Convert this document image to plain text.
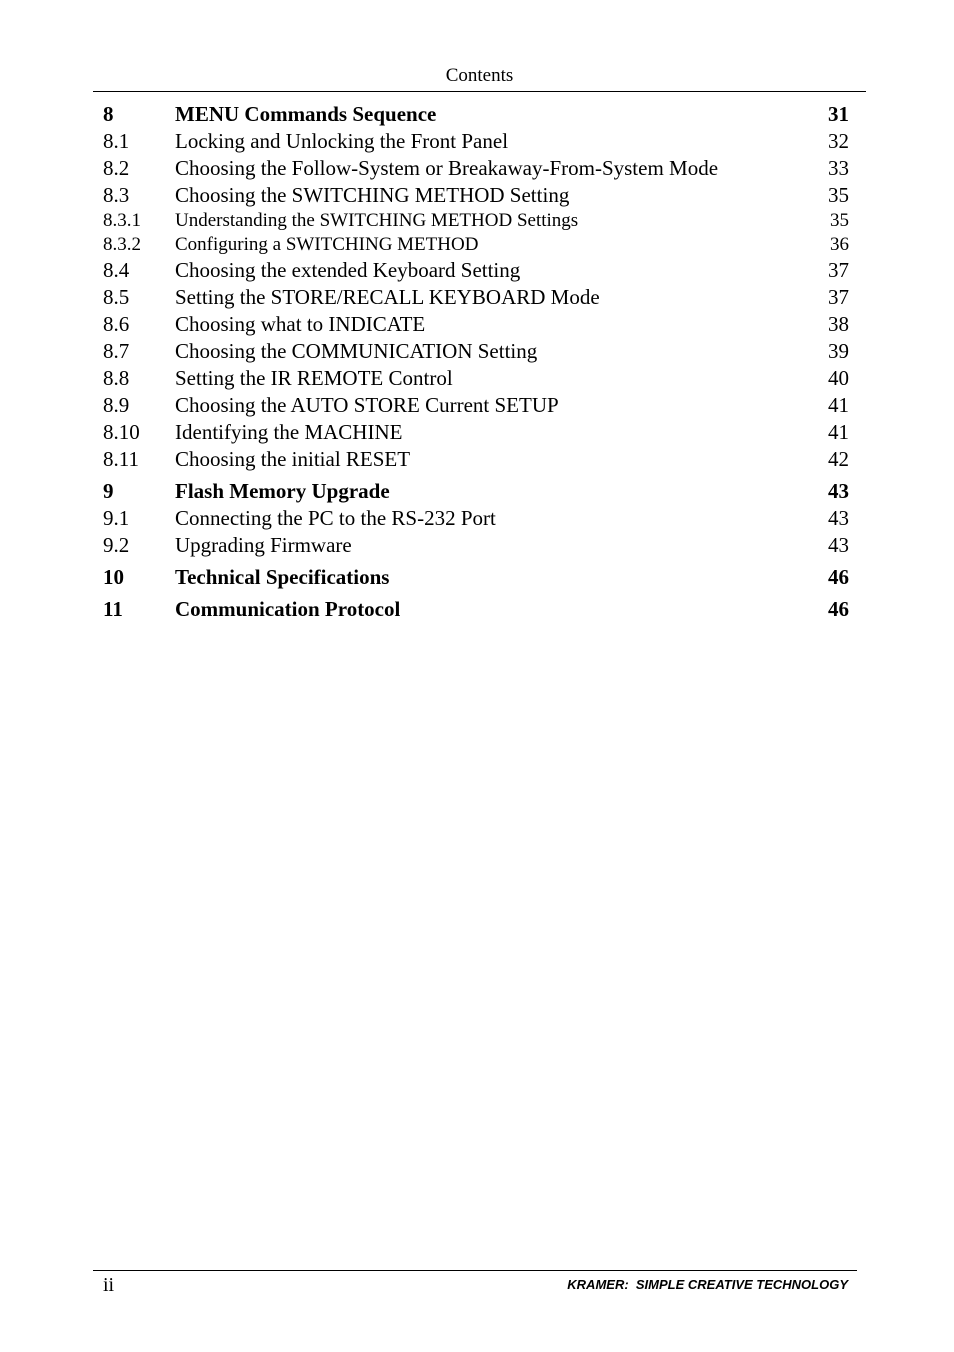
Contents
8	MENU Commands Sequence	31
8.1	Locking and Unlocking the Front Panel	32
8.2	Choosing the Follow-System or Breakaway-From-System Mode	33
8.3	Choosing the SWITCHING METHOD Setting	35
8.3.1	Understanding the SWITCHING METHOD Settings	35
8.3.2	Configuring a SWITCHING METHOD	36
8.4	Choosing the extended Keyboard Setting	37
8.5	Setting the STORE/RECALL KEYBOARD Mode	37
8.6	Choosing what to INDICATE	38
8.7	Choosing the COMMUNICATION Setting	39
8.8	Setting the IR REMOTE Control	40
8.9	Choosing the AUTO STORE Current SETUP	41
8.10	Identifying the MACHINE	41
8.11	Choosing the initial RESET	42
9	Flash Memory Upgrade	43
9.1	Connecting the PC to the RS-232 Port	43
9.2	Upgrading Firmware	43
10	Technical Specifications	46
11	Communication Protocol	46
ii	KRAMER:  SIMPLE CREATIVE TECHNOLOGY
